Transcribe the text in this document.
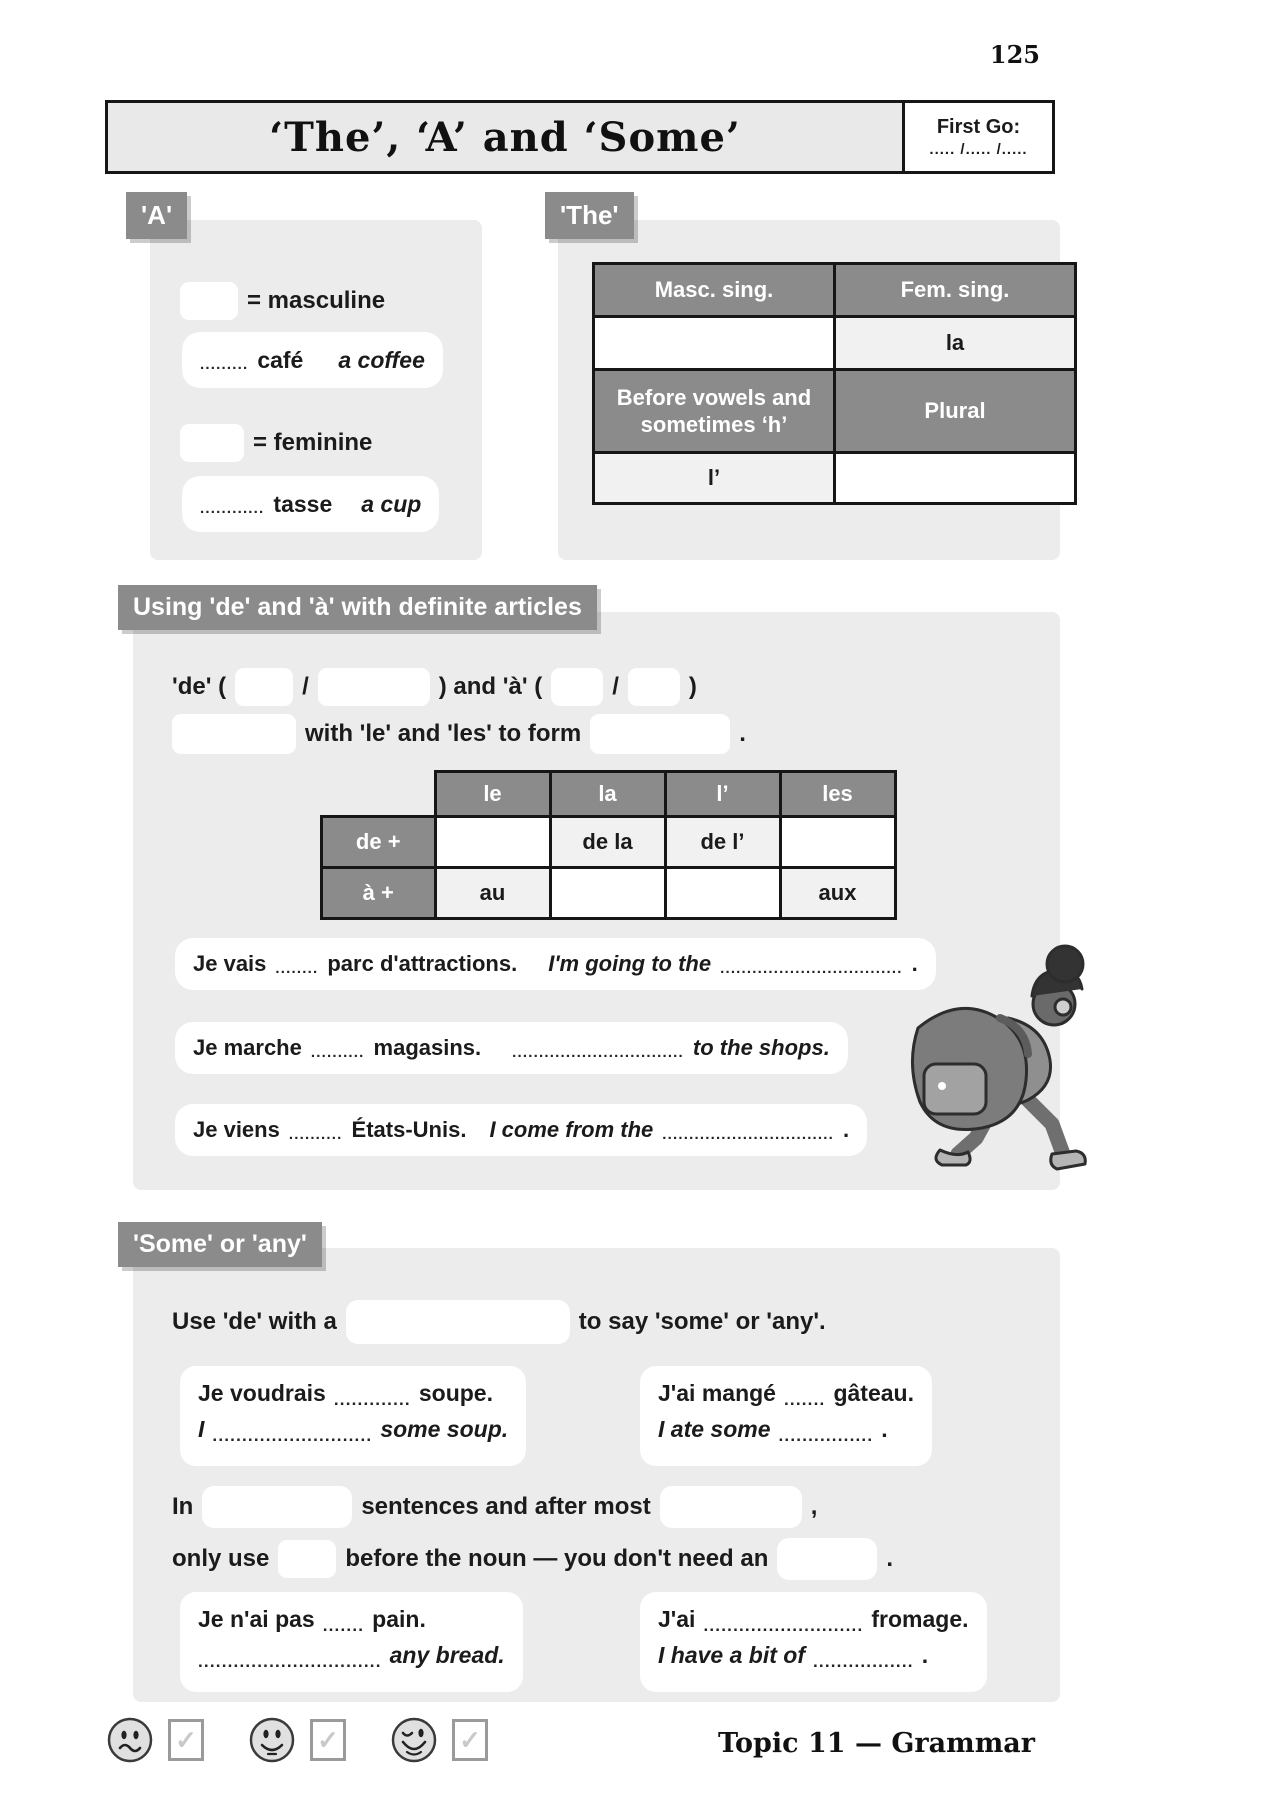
125
‘The’, ‘A’ and ‘Some’	First Go:
..... /..... /.....
'A'
= masculine
......... café a coffee
= feminine
............ tasse a cup
'The'
Masc. sing.	Fem. sing.
	la
Before vowels and sometimes ‘h’	Plural
l’	
Using 'de' and 'à' with definite articles
'de' (	/	) and 'à' (	/	)
with 'le' and 'les' to form	.
	le	la	l’	les
de +		de la	de l’	
à +	au			aux
Je vais ........ parc d'attractions. I'm going to the .................................. .
Je marche .......... magasins. ................................ to the shops.
Je viens .......... États-Unis. I come from the ................................ .
'Some' or 'any'
Use 'de' with a	to say 'some' or 'any'.
Je voudrais ............. soupe.
I ........................... some soup.
J'ai mangé ....... gâteau.
I ate some ................ .
In	sentences and after most	,
only use	before the noun — you don't need an	.
Je n'ai pas ....... pain.
............................... any bread.
J'ai ........................... fromage.
I have a bit of ................. .
✓	✓	✓	Topic 11 — Grammar
